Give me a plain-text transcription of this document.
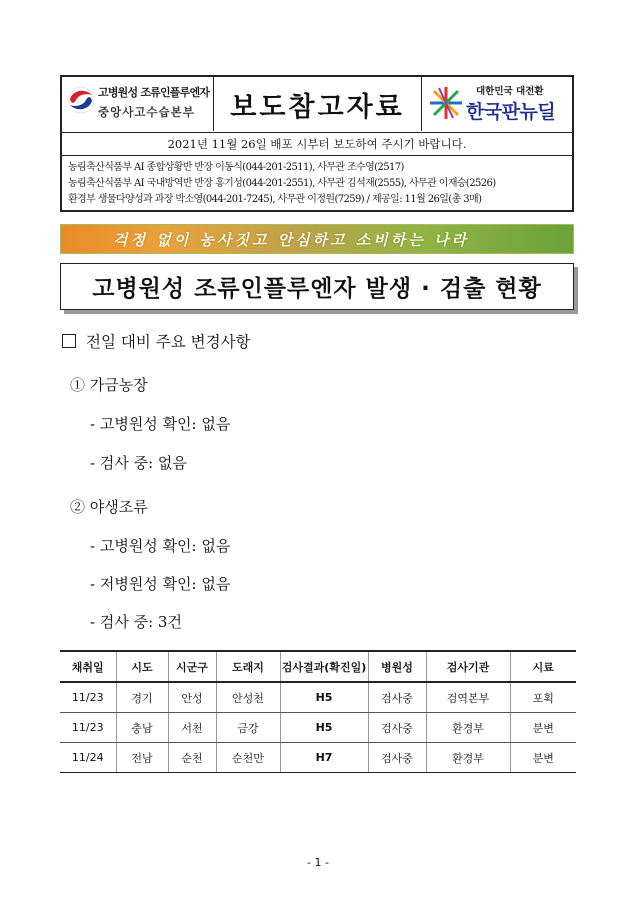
고병원성 조류인플루엔자
중앙사고수습본부 보도참고자료	대한민국 대전환
한국판뉴딜
2021년 11월 26일 배포 시부터 보도하여 주시기 바랍니다.
농림축산식품부 AI 종합상황반 반장 이동식(044-201-2511), 사무관 조수영(2517)
농림축산식품부 AI 국내방역반 반장 홍기성(044-201-2551), 사무관 김석재(2555), 사무관 이재승(2526)
환경부 생물다양성과 과장 박소영(044-201-7245), 사무관 이정원(7259) / 제공일: 11월 26일(총 3매)
걱정 없이 농사짓고 안심하고 소비하는 나라
고병원성 조류인플루엔자 발생 · 검출 현황
전일 대비 주요 변경사항
① 가금농장
- 고병원성 확인: 없음
- 검사 중: 없음
② 야생조류
- 고병원성 확인: 없음
- 저병원성 확인: 없음
- 검사 중: 3건
채취일	시도	시군구	도래지	검사결과(확진일)	병원성	검사기관	시료
11/23	경기	안성	안성천	H5	검사중	검역본부	포획
11/23	충남	서천	금강	H5	검사중	환경부	분변
11/24	전남	순천	순천만	H7	검사중	환경부	분변
- 1 -
